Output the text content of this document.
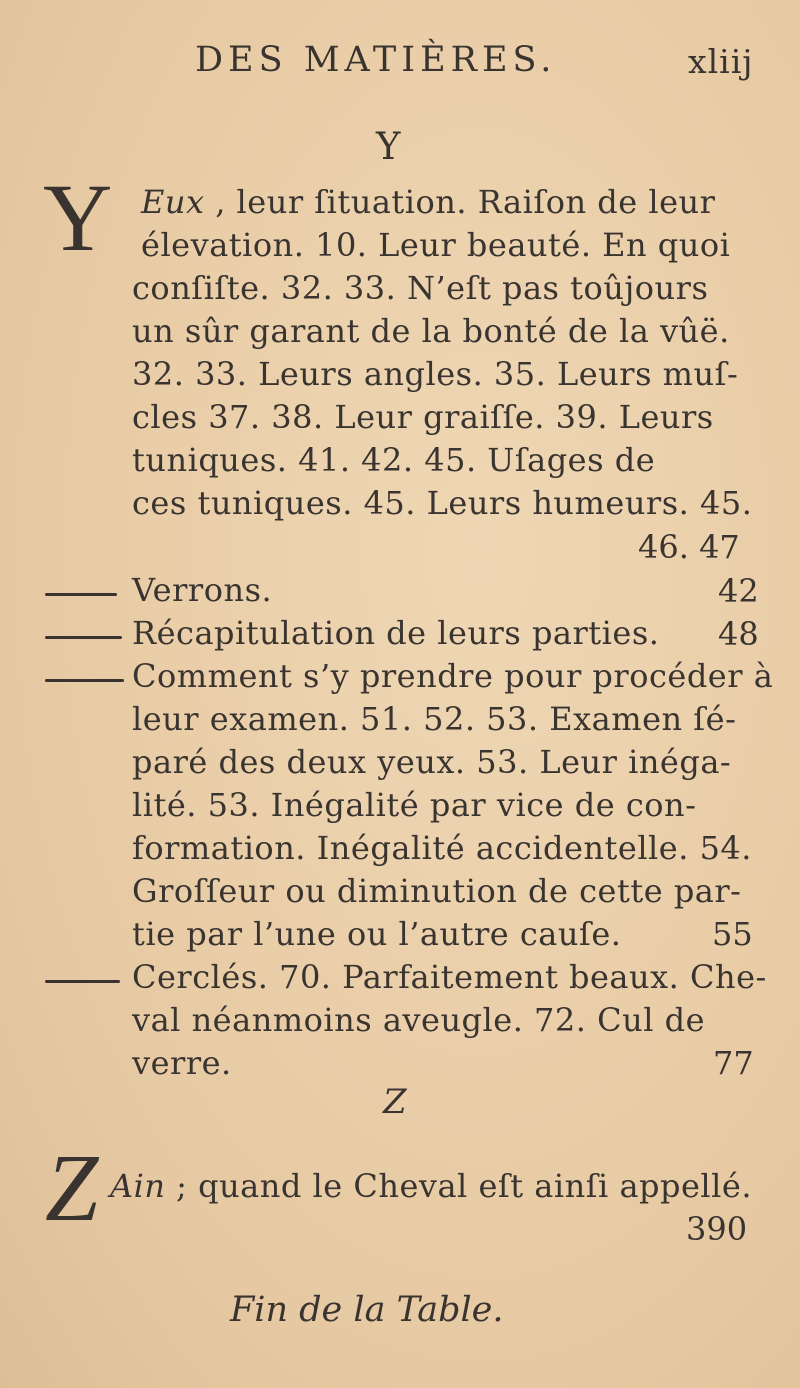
DES MATIÈRES.	xliij
Y
Y Eux , leur ſituation. Raiſon de leur
élevation. 10. Leur beauté. En quoi
conſiſte. 32. 33. N’eſt pas toûjours
un sûr garant de la bonté de la vûë.
32. 33. Leurs angles. 35. Leurs muſ-
cles 37. 38. Leur graiſſe. 39. Leurs
tuniques. 41. 42. 45. Uſages de
ces tuniques. 45. Leurs humeurs. 45.
46. 47
Verrons.	42
Récapitulation de leurs parties. 48
Comment s’y prendre pour procéder à
leur examen. 51. 52. 53. Examen ſé-
paré des deux yeux. 53. Leur inéga-
lité. 53. Inégalité par vice de con-
formation. Inégalité accidentelle. 54.
Groſſeur ou diminution de cette par-
tie par l’une ou l’autre cauſe.	55
Cerclés. 70. Parfaitement beaux. Che-
val néanmoins aveugle. 72. Cul de
verre.	77
Z
Z Ain ; quand le Cheval eſt ainſi appellé.
390
Fin de la Table.
